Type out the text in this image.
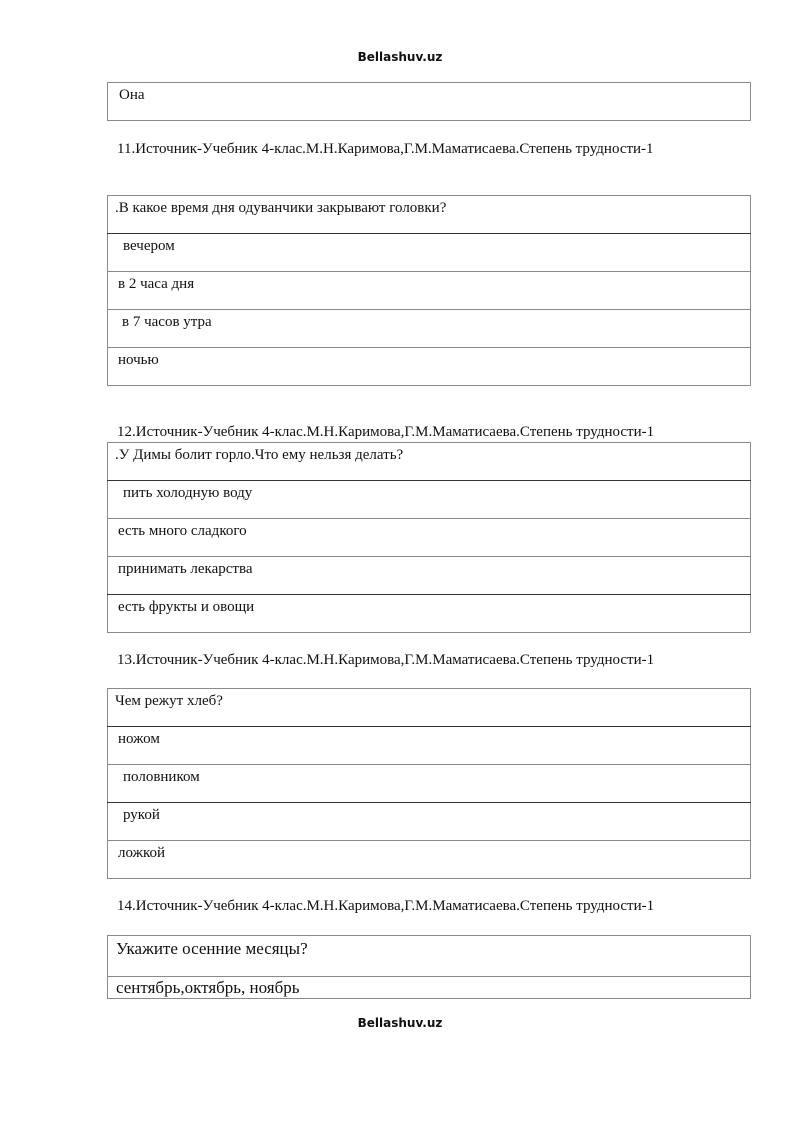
Bellashuv.uz
Она
11.Источник-Учебник 4-клас.М.Н.Каримова,Г.М.Маматисаева.Степень трудности-1
.В какое время дня одуванчики закрывают головки?
вечером
в 2 часа дня
в 7 часов утра
ночью
12.Источник-Учебник 4-клас.М.Н.Каримова,Г.М.Маматисаева.Степень трудности-1
.У Димы болит горло.Что ему нельзя делать?
пить холодную воду
есть много сладкого
принимать лекарства
есть фрукты и овощи
13.Источник-Учебник 4-клас.М.Н.Каримова,Г.М.Маматисаева.Степень трудности-1
Чем режут хлеб?
ножом
половником
рукой
ложкой
14.Источник-Учебник 4-клас.М.Н.Каримова,Г.М.Маматисаева.Степень трудности-1
Укажите осенние месяцы?
сентябрь,октябрь, ноябрь
Bellashuv.uz
